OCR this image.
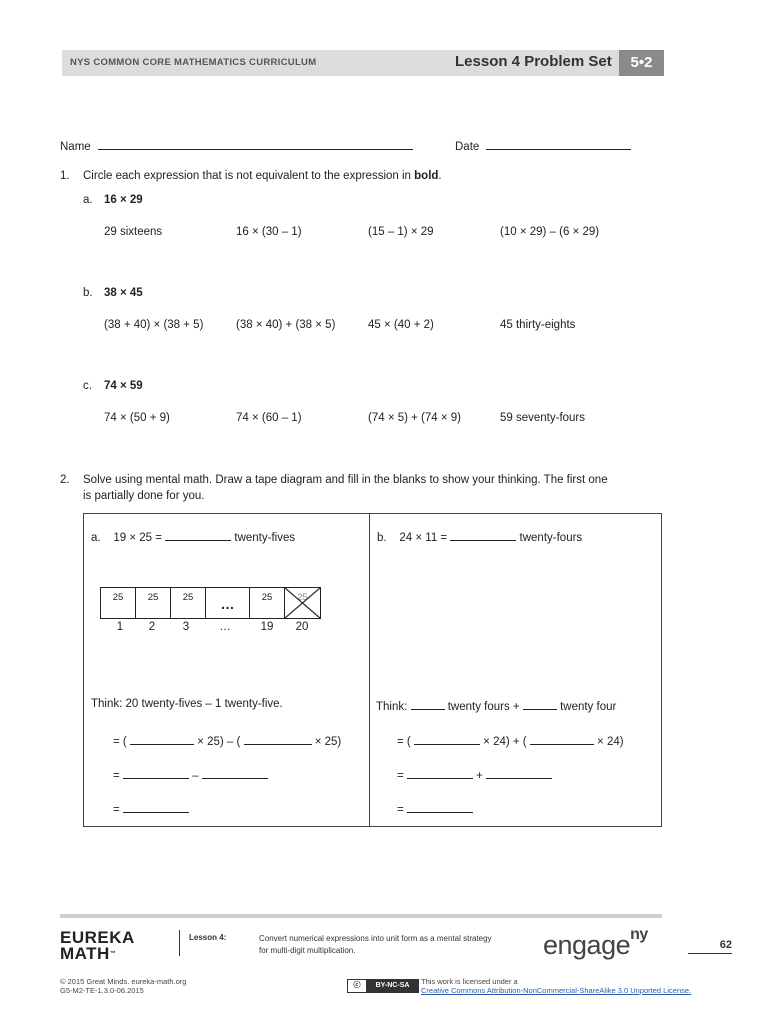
NYS COMMON CORE MATHEMATICS CURRICULUM	Lesson 4 Problem Set	5•2
Name	Date
1. Circle each expression that is not equivalent to the expression in bold.
a. 16 × 29
29 sixteens	16 × (30 – 1)	(15 – 1) × 29	(10 × 29) – (6 × 29)
b. 38 × 45
(38 + 40) × (38 + 5)	(38 × 40) + (38 × 5)	45 × (40 + 2)	45 thirty-eights
c. 74 × 59
74 × (50 + 9)	74 × (60 – 1)	(74 × 5) + (74 × 9)	59 seventy-fours
2. Solve using mental math. Draw a tape diagram and fill in the blanks to show your thinking. The first one
is partially done for you.
a. 19 × 25 =	twenty-fives
25	25	25	…	25	25
1 2 3	…	19	20
Think: 20 twenty-fives – 1 twenty-five.
= (	× 25) – (	× 25)
=	–
=
b. 24 × 11 =	twenty-fours
Think:	twenty fours +	twenty four
= (	× 24) + (	× 24)
=	+
=
EUREKA
MATH™
Lesson 4:	Convert numerical expressions into unit form as a mental strategy
for multi-digit multiplication.	engage$^{ny}$
62
© 2015 Great Minds. eureka-math.org
G5-M2-TE-1.3.0-06.2015
ⓒ	BY-NC-SA	This work is licensed under a
Creative Commons Attribution-NonCommercial-ShareAlike 3.0 Unported License.
